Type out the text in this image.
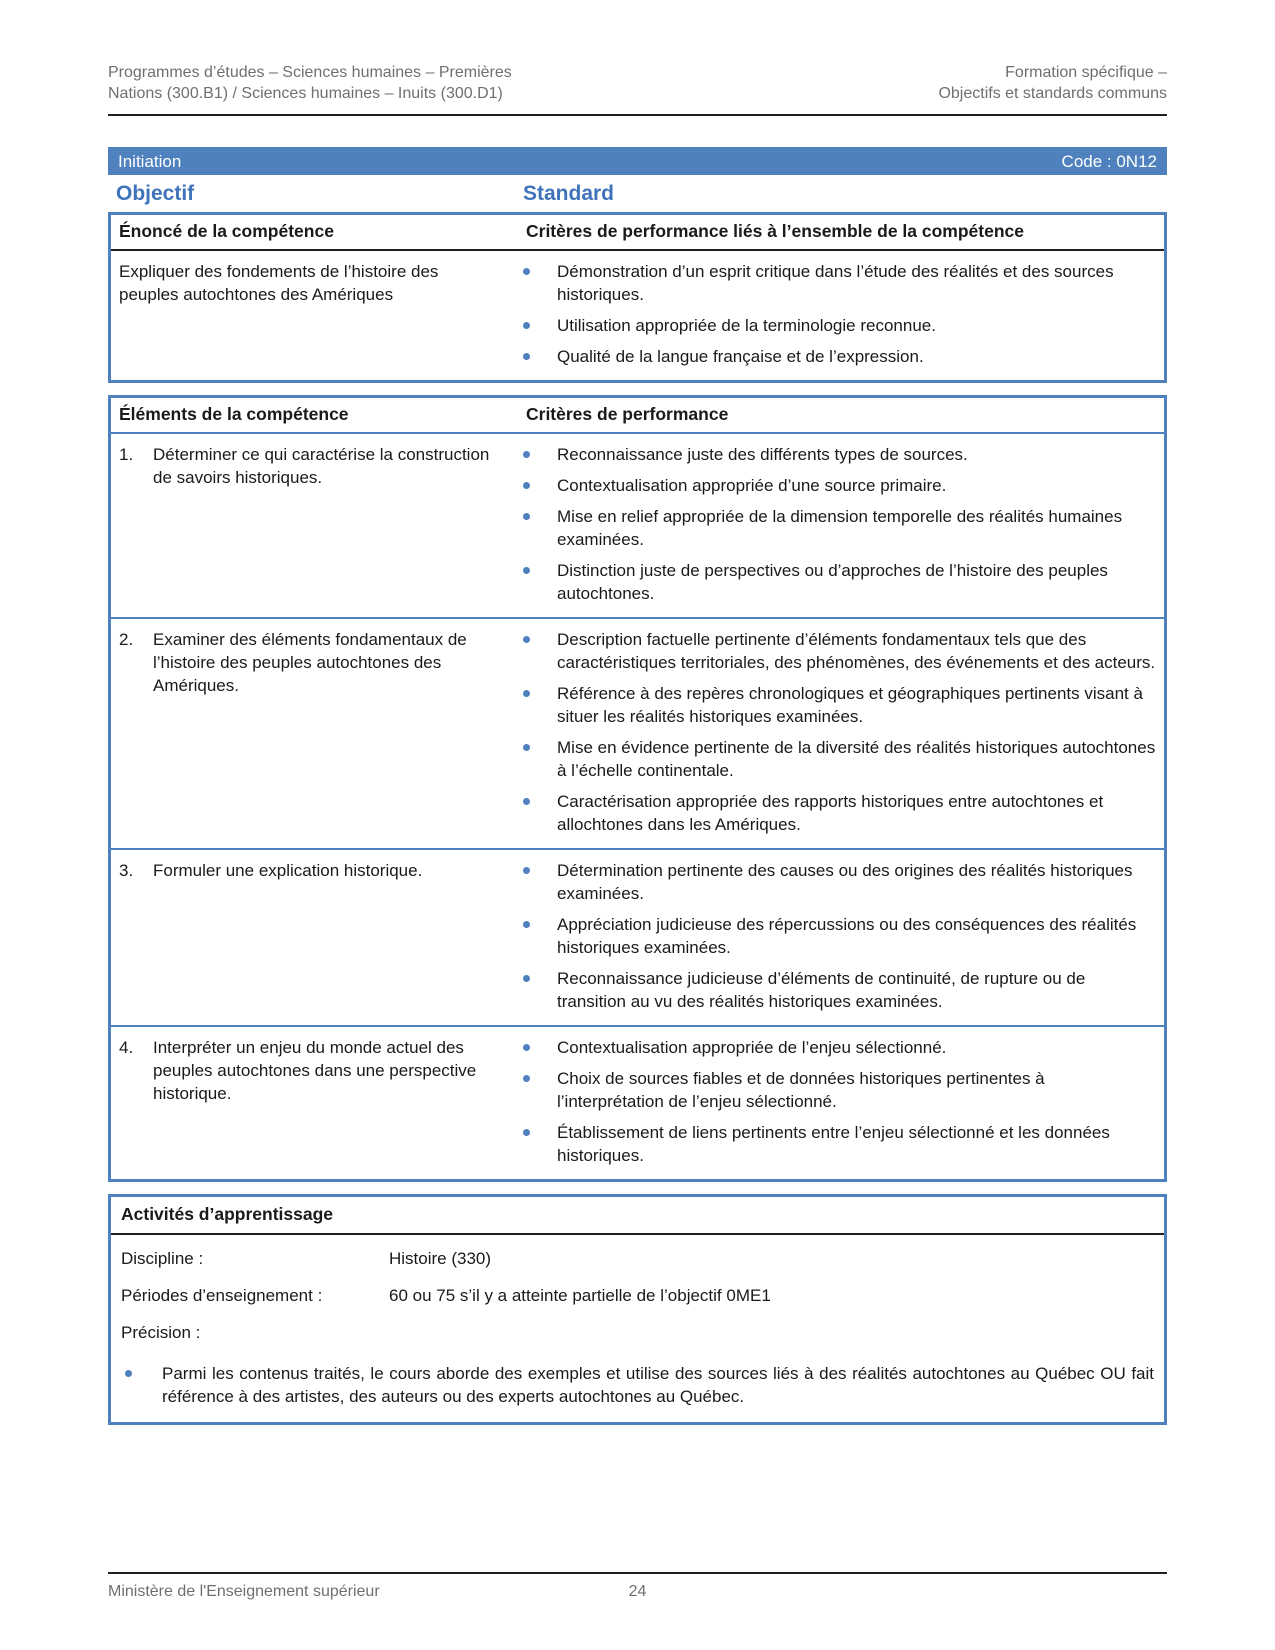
Programmes d’études – Sciences humaines – Premières
Nations (300.B1) / Sciences humaines – Inuits (300.D1)
Formation spécifique –
Objectifs et standards communs
Initiation	Code : 0N12
Objectif	Standard
Énoncé de la compétence	Critères de performance liés à l’ensemble de la compétence
Expliquer des fondements de l’histoire des peuples autochtones des Amériques
Démonstration d’un esprit critique dans l’étude des réalités et des sources historiques.
Utilisation appropriée de la terminologie reconnue.
Qualité de la langue française et de l’expression.
Éléments de la compétence	Critères de performance
1.	Déterminer ce qui caractérise la construction de savoirs historiques.
Reconnaissance juste des différents types de sources.
Contextualisation appropriée d’une source primaire.
Mise en relief appropriée de la dimension temporelle des réalités humaines examinées.
Distinction juste de perspectives ou d’approches de l’histoire des peuples autochtones.
2.	Examiner des éléments fondamentaux de l’histoire des peuples autochtones des Amériques.
Description factuelle pertinente d’éléments fondamentaux tels que des caractéristiques territoriales, des phénomènes, des événements et des acteurs.
Référence à des repères chronologiques et géographiques pertinents visant à situer les réalités historiques examinées.
Mise en évidence pertinente de la diversité des réalités historiques autochtones à l’échelle continentale.
Caractérisation appropriée des rapports historiques entre autochtones et allochtones dans les Amériques.
3.	Formuler une explication historique.	Détermination pertinente des causes ou des origines des réalités historiques examinées.
Appréciation judicieuse des répercussions ou des conséquences des réalités historiques examinées.
Reconnaissance judicieuse d’éléments de continuité, de rupture ou de transition au vu des réalités historiques examinées.
4.	Interpréter un enjeu du monde actuel des peuples autochtones dans une perspective historique.
Contextualisation appropriée de l’enjeu sélectionné.
Choix de sources fiables et de données historiques pertinentes à l’interprétation de l’enjeu sélectionné.
Établissement de liens pertinents entre l’enjeu sélectionné et les données historiques.
Activités d’apprentissage
Discipline :	Histoire (330)
Périodes d’enseignement :	60 ou 75 s’il y a atteinte partielle de l’objectif 0ME1
Précision :
Parmi les contenus traités, le cours aborde des exemples et utilise des sources liés à des réalités autochtones au Québec OU fait référence à des artistes, des auteurs ou des experts autochtones au Québec.
Ministère de l'Enseignement supérieur	24
